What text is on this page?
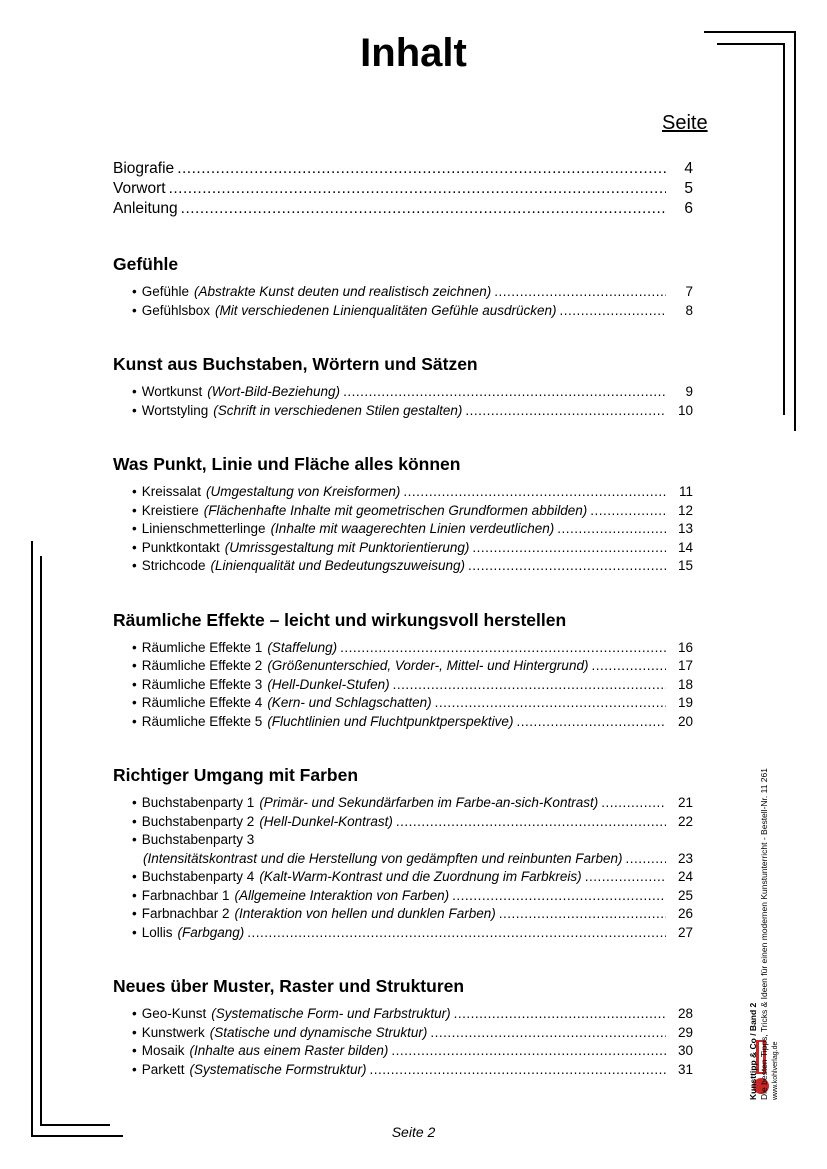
Inhalt
Seite
Biografie .....	4
Vorwort .....	5
Anleitung .....	6
Gefühle
• Gefühle (Abstrakte Kunst deuten und realistisch zeichnen) .....	7
• Gefühlsbox (Mit verschiedenen Linienqualitäten Gefühle ausdrücken) .....	8
Kunst aus Buchstaben, Wörtern und Sätzen
• Wortkunst (Wort-Bild-Beziehung) .....	9
• Wortstyling (Schrift in verschiedenen Stilen gestalten) .....	10
Was Punkt, Linie und Fläche alles können
• Kreissalat (Umgestaltung von Kreisformen) .....	11
• Kreistiere (Flächenhafte Inhalte mit geometrischen Grundformen abbilden) .....	12
• Linienschmetterlinge (Inhalte mit waagerechten Linien verdeutlichen) .....	13
• Punktkontakt (Umrissgestaltung mit Punktorientierung) .....	14
• Strichcode (Linienqualität und Bedeutungszuweisung) .....	15
Räumliche Effekte – leicht und wirkungsvoll herstellen
• Räumliche Effekte 1 (Staffelung) .....	16
• Räumliche Effekte 2 (Größenunterschied, Vorder-, Mittel- und Hintergrund) .....	17
• Räumliche Effekte 3 (Hell-Dunkel-Stufen) .....	18
• Räumliche Effekte 4 (Kern- und Schlagschatten) .....	19
• Räumliche Effekte 5 (Fluchtlinien und Fluchtpunktperspektive) .....	20
Richtiger Umgang mit Farben
• Buchstabenparty 1 (Primär- und Sekundärfarben im Farbe-an-sich-Kontrast) .....	21
• Buchstabenparty 2 (Hell-Dunkel-Kontrast) .....	22
• Buchstabenparty 3
(Intensitätskontrast und die Herstellung von gedämpften und reinbunten Farben) .....	23
• Buchstabenparty 4 (Kalt-Warm-Kontrast und die Zuordnung im Farbkreis) .....	24
• Farbnachbar 1 (Allgemeine Interaktion von Farben) .....	25
• Farbnachbar 2 (Interaktion von hellen und dunklen Farben) .....	26
• Lollis (Farbgang) .....	27
Neues über Muster, Raster und Strukturen
• Geo-Kunst (Systematische Form- und Farbstruktur) .....	28
• Kunstwerk (Statische und dynamische Struktur) .....	29
• Mosaik (Inhalte aus einem Raster bilden) .....	30
• Parkett (Systematische Formstruktur) .....	31
Seite 2
Kunsttipp & Co / Band 2 Die besten Tipps, Tricks & Ideen für einen modernen Kunstunterricht - Bestell-Nr. 11 261 www.kohlverlag.de
